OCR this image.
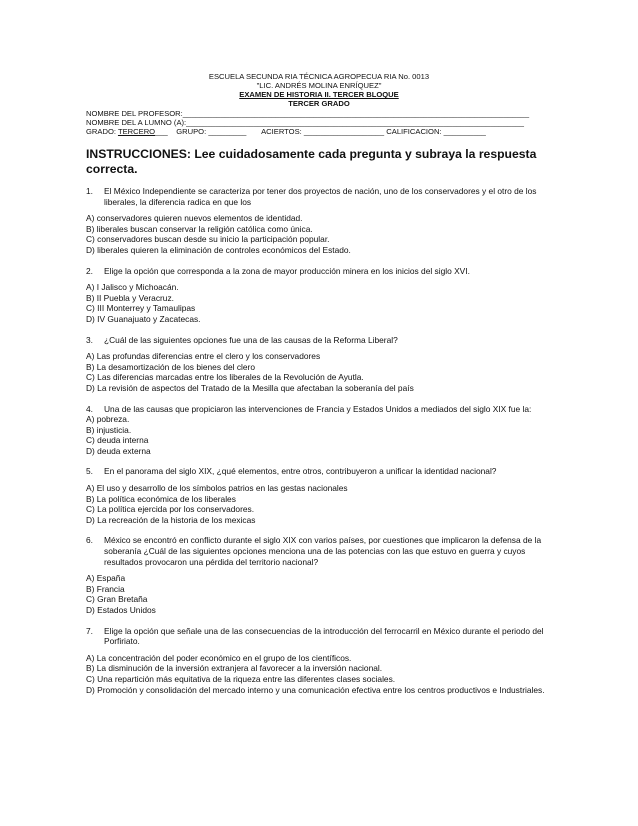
ESCUELA SECUNDA RIA TÉCNICA AGROPECUA RIA No. 0013
"LIC. ANDRÉS MOLINA ENRÍQUEZ"
EXAMEN DE HISTORIA II. TERCER BLOQUE
TERCER GRADO
NOMBRE DEL PROFESOR:__________________________________________________________________________________
NOMBRE DEL A LUMNO (A):________________________________________________________________________________
GRADO: TERCERO___ GRUPO: _________ ACIERTOS: ___________________ CALIFICACION: __________
INSTRUCCIONES: Lee cuidadosamente cada pregunta y subraya la respuesta correcta.
1.	El México Independiente se caracteriza por tener dos proyectos de nación, uno de los conservadores y el otro de los liberales, la diferencia radica en que los
A) conservadores quieren nuevos elementos de identidad.
B) liberales buscan conservar la religión católica como única.
C) conservadores buscan desde su inicio la participación popular.
D) liberales quieren la eliminación de controles económicos del Estado.
2.	Elige la opción que corresponda a la zona de mayor producción minera en los inicios del siglo XVI.
A) I Jalisco y Michoacán.
B) II Puebla y Veracruz.
C) III Monterrey y Tamaulipas
D) IV Guanajuato y Zacatecas.
3.	¿Cuál de las siguientes opciones fue una de las causas de la Reforma Liberal?
A) Las profundas diferencias entre el clero y los conservadores
B) La desamortización de los bienes del clero
C) Las diferencias marcadas entre los liberales de la Revolución de Ayutla.
D) La revisión de aspectos del Tratado de la Mesilla que afectaban la soberanía del país
4.	Una de las causas que propiciaron las intervenciones de Francia y Estados Unidos a mediados del siglo XIX fue la:
A) pobreza.
B) injusticia.
C) deuda interna
D) deuda externa
5.	En el panorama del siglo XIX, ¿qué elementos, entre otros, contribuyeron a unificar la identidad nacional?
A) El uso y desarrollo de los símbolos patrios en las gestas nacionales
B) La política económica de los liberales
C) La política ejercida por los conservadores.
D) La recreación de la historia de los mexicas
6.	México se encontró en conflicto durante el siglo XIX con varios países, por cuestiones que implicaron la defensa de la soberanía ¿Cuál de las siguientes opciones menciona una de las potencias con las que estuvo en guerra y cuyos resultados provocaron una pérdida del territorio nacional?
A) España
B) Francia
C) Gran Bretaña
D) Estados Unidos
7.	Elige la opción que señale una de las consecuencias de la introducción del ferrocarril en México durante el periodo del Porfiriato.
A) La concentración del poder económico en el grupo de los científicos.
B) La disminución de la inversión extranjera al favorecer a la inversión nacional.
C) Una repartición más equitativa de la riqueza entre las diferentes clases sociales.
D) Promoción y consolidación del mercado interno y una comunicación efectiva entre los centros productivos e Industriales.
